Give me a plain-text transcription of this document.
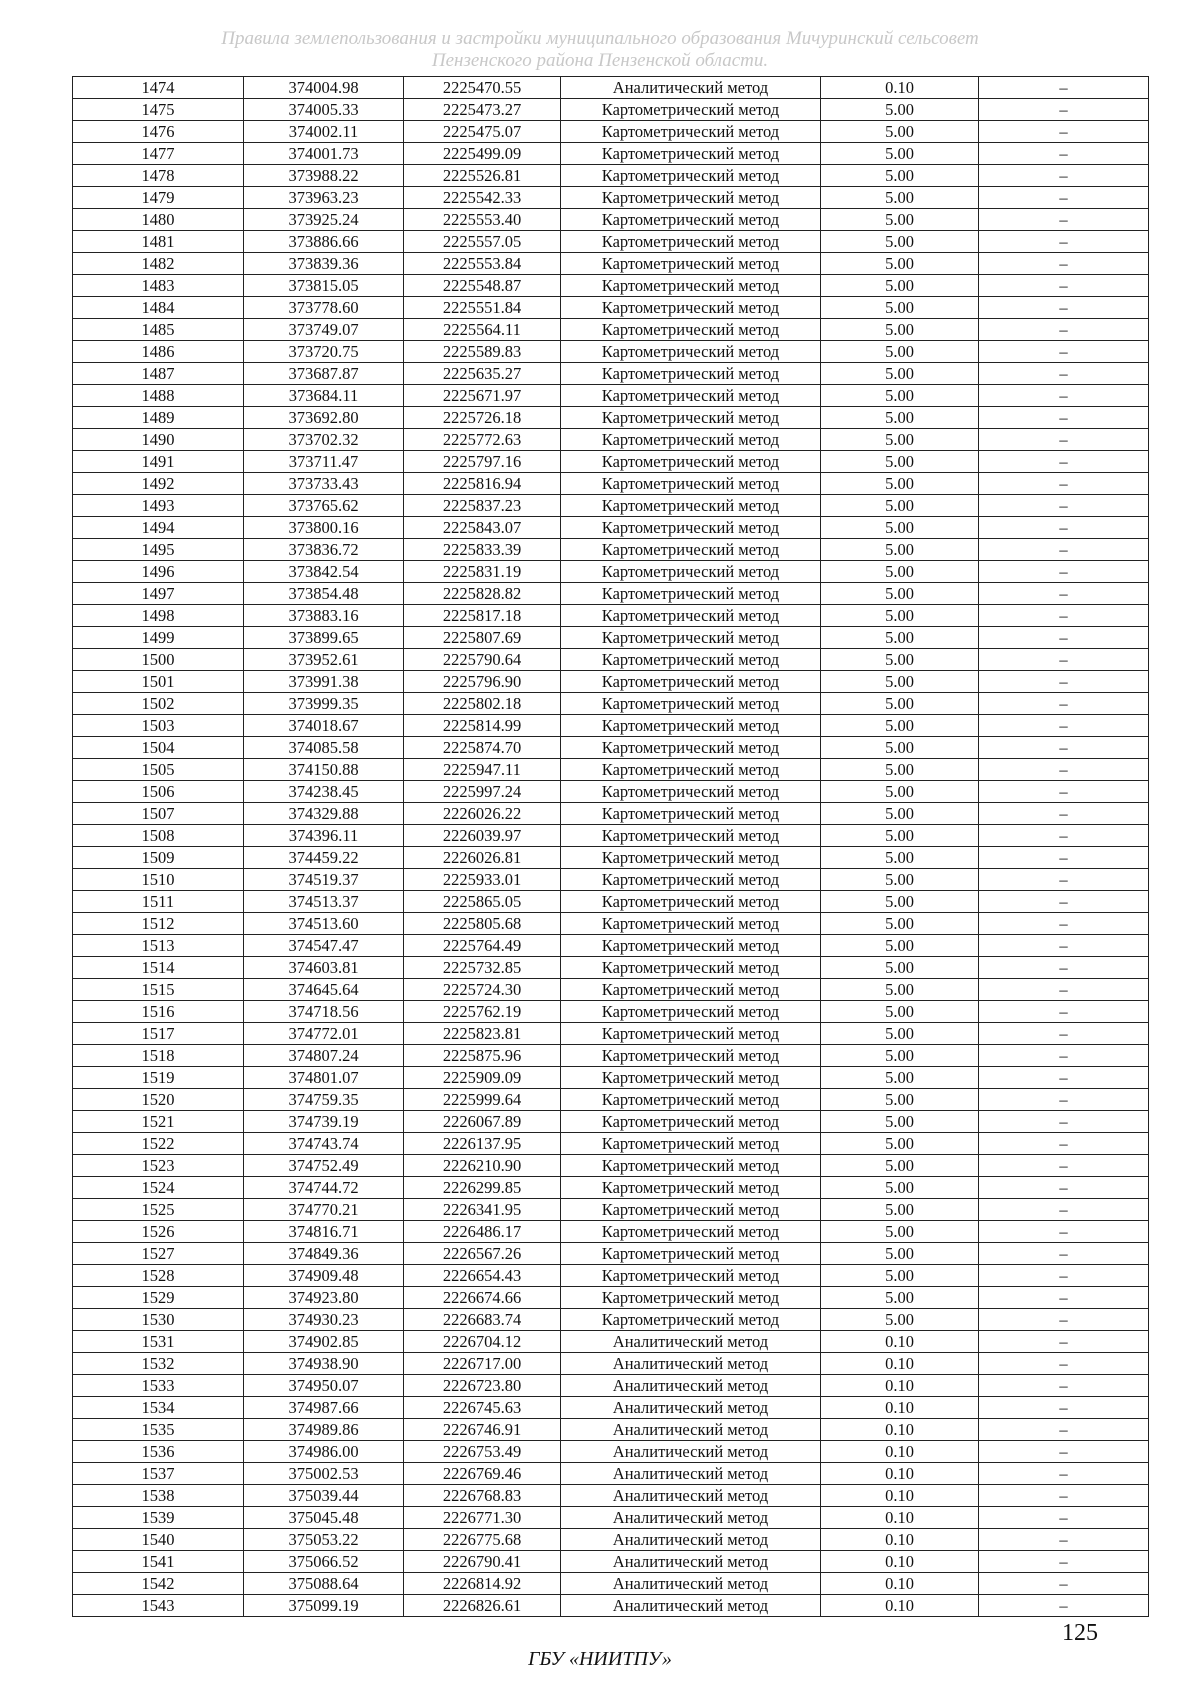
Правила землепользования и застройки муниципального образования Мичуринский сельсовет
Пензенского района Пензенской области.
1474	374004.98	2225470.55	Аналитический метод	0.10	–
1475	374005.33	2225473.27	Картометрический метод	5.00	–
1476	374002.11	2225475.07	Картометрический метод	5.00	–
1477	374001.73	2225499.09	Картометрический метод	5.00	–
1478	373988.22	2225526.81	Картометрический метод	5.00	–
1479	373963.23	2225542.33	Картометрический метод	5.00	–
1480	373925.24	2225553.40	Картометрический метод	5.00	–
1481	373886.66	2225557.05	Картометрический метод	5.00	–
1482	373839.36	2225553.84	Картометрический метод	5.00	–
1483	373815.05	2225548.87	Картометрический метод	5.00	–
1484	373778.60	2225551.84	Картометрический метод	5.00	–
1485	373749.07	2225564.11	Картометрический метод	5.00	–
1486	373720.75	2225589.83	Картометрический метод	5.00	–
1487	373687.87	2225635.27	Картометрический метод	5.00	–
1488	373684.11	2225671.97	Картометрический метод	5.00	–
1489	373692.80	2225726.18	Картометрический метод	5.00	–
1490	373702.32	2225772.63	Картометрический метод	5.00	–
1491	373711.47	2225797.16	Картометрический метод	5.00	–
1492	373733.43	2225816.94	Картометрический метод	5.00	–
1493	373765.62	2225837.23	Картометрический метод	5.00	–
1494	373800.16	2225843.07	Картометрический метод	5.00	–
1495	373836.72	2225833.39	Картометрический метод	5.00	–
1496	373842.54	2225831.19	Картометрический метод	5.00	–
1497	373854.48	2225828.82	Картометрический метод	5.00	–
1498	373883.16	2225817.18	Картометрический метод	5.00	–
1499	373899.65	2225807.69	Картометрический метод	5.00	–
1500	373952.61	2225790.64	Картометрический метод	5.00	–
1501	373991.38	2225796.90	Картометрический метод	5.00	–
1502	373999.35	2225802.18	Картометрический метод	5.00	–
1503	374018.67	2225814.99	Картометрический метод	5.00	–
1504	374085.58	2225874.70	Картометрический метод	5.00	–
1505	374150.88	2225947.11	Картометрический метод	5.00	–
1506	374238.45	2225997.24	Картометрический метод	5.00	–
1507	374329.88	2226026.22	Картометрический метод	5.00	–
1508	374396.11	2226039.97	Картометрический метод	5.00	–
1509	374459.22	2226026.81	Картометрический метод	5.00	–
1510	374519.37	2225933.01	Картометрический метод	5.00	–
1511	374513.37	2225865.05	Картометрический метод	5.00	–
1512	374513.60	2225805.68	Картометрический метод	5.00	–
1513	374547.47	2225764.49	Картометрический метод	5.00	–
1514	374603.81	2225732.85	Картометрический метод	5.00	–
1515	374645.64	2225724.30	Картометрический метод	5.00	–
1516	374718.56	2225762.19	Картометрический метод	5.00	–
1517	374772.01	2225823.81	Картометрический метод	5.00	–
1518	374807.24	2225875.96	Картометрический метод	5.00	–
1519	374801.07	2225909.09	Картометрический метод	5.00	–
1520	374759.35	2225999.64	Картометрический метод	5.00	–
1521	374739.19	2226067.89	Картометрический метод	5.00	–
1522	374743.74	2226137.95	Картометрический метод	5.00	–
1523	374752.49	2226210.90	Картометрический метод	5.00	–
1524	374744.72	2226299.85	Картометрический метод	5.00	–
1525	374770.21	2226341.95	Картометрический метод	5.00	–
1526	374816.71	2226486.17	Картометрический метод	5.00	–
1527	374849.36	2226567.26	Картометрический метод	5.00	–
1528	374909.48	2226654.43	Картометрический метод	5.00	–
1529	374923.80	2226674.66	Картометрический метод	5.00	–
1530	374930.23	2226683.74	Картометрический метод	5.00	–
1531	374902.85	2226704.12	Аналитический метод	0.10	–
1532	374938.90	2226717.00	Аналитический метод	0.10	–
1533	374950.07	2226723.80	Аналитический метод	0.10	–
1534	374987.66	2226745.63	Аналитический метод	0.10	–
1535	374989.86	2226746.91	Аналитический метод	0.10	–
1536	374986.00	2226753.49	Аналитический метод	0.10	–
1537	375002.53	2226769.46	Аналитический метод	0.10	–
1538	375039.44	2226768.83	Аналитический метод	0.10	–
1539	375045.48	2226771.30	Аналитический метод	0.10	–
1540	375053.22	2226775.68	Аналитический метод	0.10	–
1541	375066.52	2226790.41	Аналитический метод	0.10	–
1542	375088.64	2226814.92	Аналитический метод	0.10	–
1543	375099.19	2226826.61	Аналитический метод	0.10	–
125
ГБУ «НИИТПУ»
